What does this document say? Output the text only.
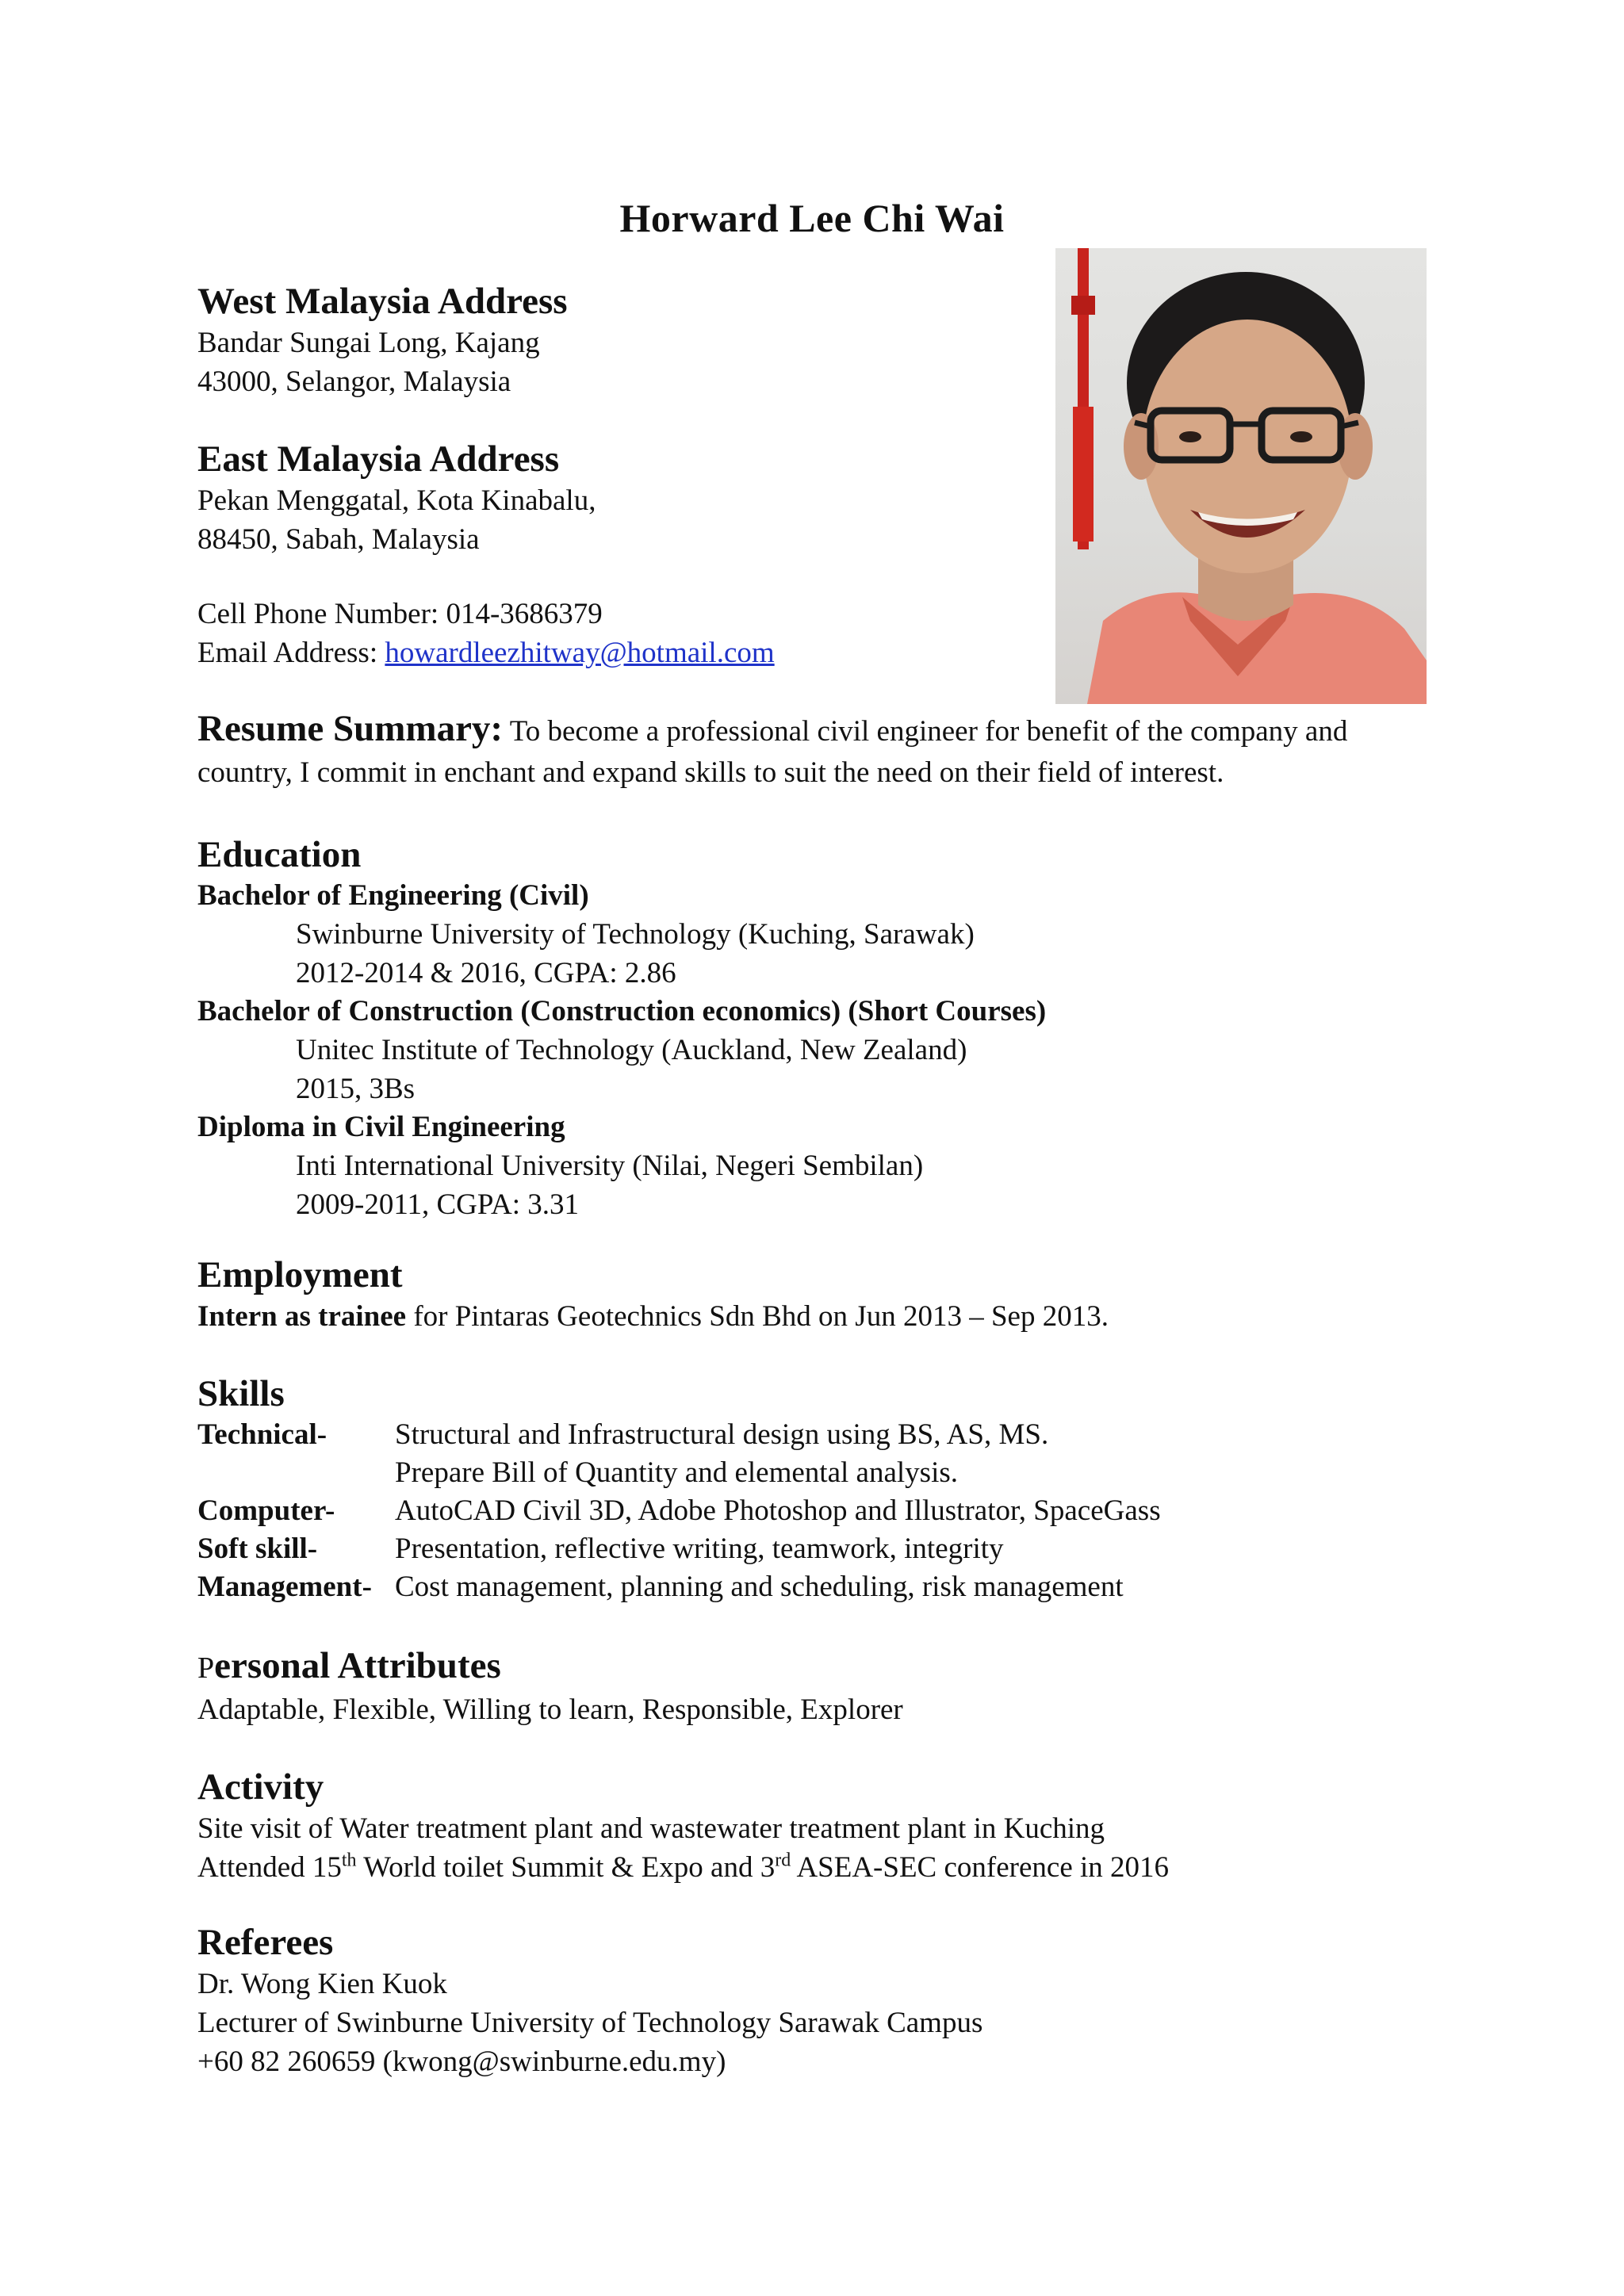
Horward Lee Chi Wai
West Malaysia Address
Bandar Sungai Long, Kajang
43000, Selangor, Malaysia
East Malaysia Address
Pekan Menggatal, Kota Kinabalu,
88450, Sabah, Malaysia
Cell Phone Number: 014-3686379
Email Address: howardleezhitway@hotmail.com
Resume Summary: To become a professional civil engineer for benefit of the company and country, I commit in enchant and expand skills to suit the need on their field of interest.
Education
Bachelor of Engineering (Civil)
Swinburne University of Technology (Kuching, Sarawak)
2012-2014 & 2016, CGPA: 2.86
Bachelor of Construction (Construction economics) (Short Courses)
Unitec Institute of Technology (Auckland, New Zealand)
2015, 3Bs
Diploma in Civil Engineering
Inti International University (Nilai, Negeri Sembilan)
2009-2011, CGPA: 3.31
Employment
Intern as trainee for Pintaras Geotechnics Sdn Bhd on Jun 2013 – Sep 2013.
Skills
Technical-	Structural and Infrastructural design using BS, AS, MS.
Prepare Bill of Quantity and elemental analysis.
Computer-	AutoCAD Civil 3D, Adobe Photoshop and Illustrator, SpaceGass
Soft skill-	Presentation, reflective writing, teamwork, integrity
Management- Cost management, planning and scheduling, risk management
Personal Attributes
Adaptable, Flexible, Willing to learn, Responsible, Explorer
Activity
Site visit of Water treatment plant and wastewater treatment plant in Kuching
Attended 15th World toilet Summit & Expo and 3rd ASEA-SEC conference in 2016
Referees
Dr. Wong Kien Kuok
Lecturer of Swinburne University of Technology Sarawak Campus
+60 82 260659 (kwong@swinburne.edu.my)
